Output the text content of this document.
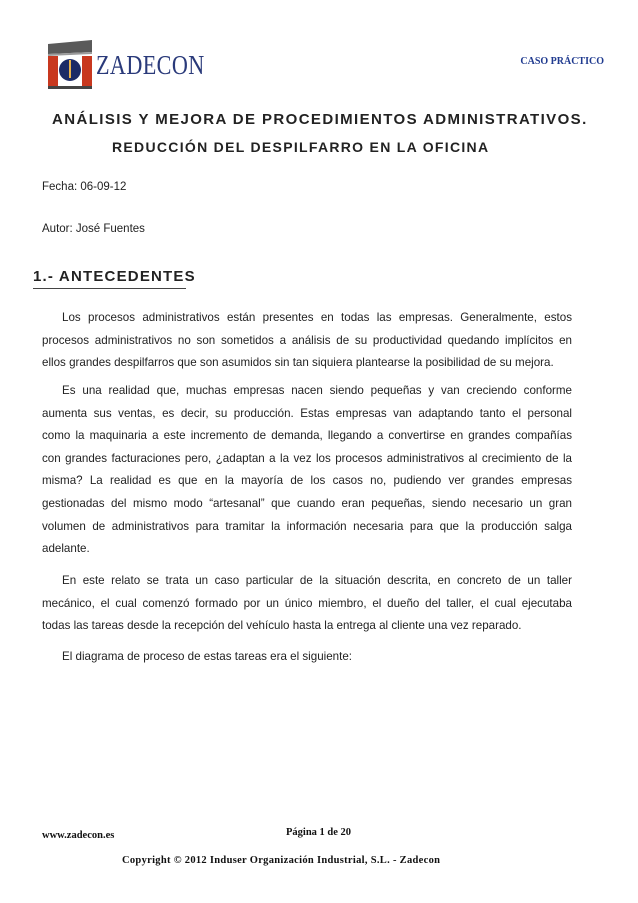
ZADECON	CASO PRÁCTICO
ANÁLISIS Y MEJORA DE PROCEDIMIENTOS ADMINISTRATIVOS.
REDUCCIÓN DEL DESPILFARRO EN LA OFICINA
Fecha: 06-09-12
Autor: José Fuentes
1.- ANTECEDENTES
Los procesos administrativos están presentes en todas las empresas. Generalmente, estos
procesos administrativos no son sometidos a análisis de su productividad quedando implícitos en
ellos grandes despilfarros que son asumidos sin tan siquiera plantearse la posibilidad de su mejora.
Es una realidad que, muchas empresas nacen siendo pequeñas y van creciendo conforme
aumenta sus ventas, es decir, su producción. Estas empresas van adaptando tanto el personal
como la maquinaria a este incremento de demanda, llegando a convertirse en grandes compañías
con grandes facturaciones pero, ¿adaptan a la vez los procesos administrativos al crecimiento de la
misma? La realidad es que en la mayoría de los casos no, pudiendo ver grandes empresas
gestionadas del mismo modo “artesanal” que cuando eran pequeñas, siendo necesario un gran
volumen de administrativos para tramitar la información necesaria para que la producción salga
adelante.
En este relato se trata un caso particular de la situación descrita, en concreto de un taller
mecánico, el cual comenzó formado por un único miembro, el dueño del taller, el cual ejecutaba
todas las tareas desde la recepción del vehículo hasta la entrega al cliente una vez reparado.
El diagrama de proceso de estas tareas era el siguiente:
www.zadecon.es	Página 1 de 20
Copyright © 2012 Induser Organización Industrial, S.L. - Zadecon
